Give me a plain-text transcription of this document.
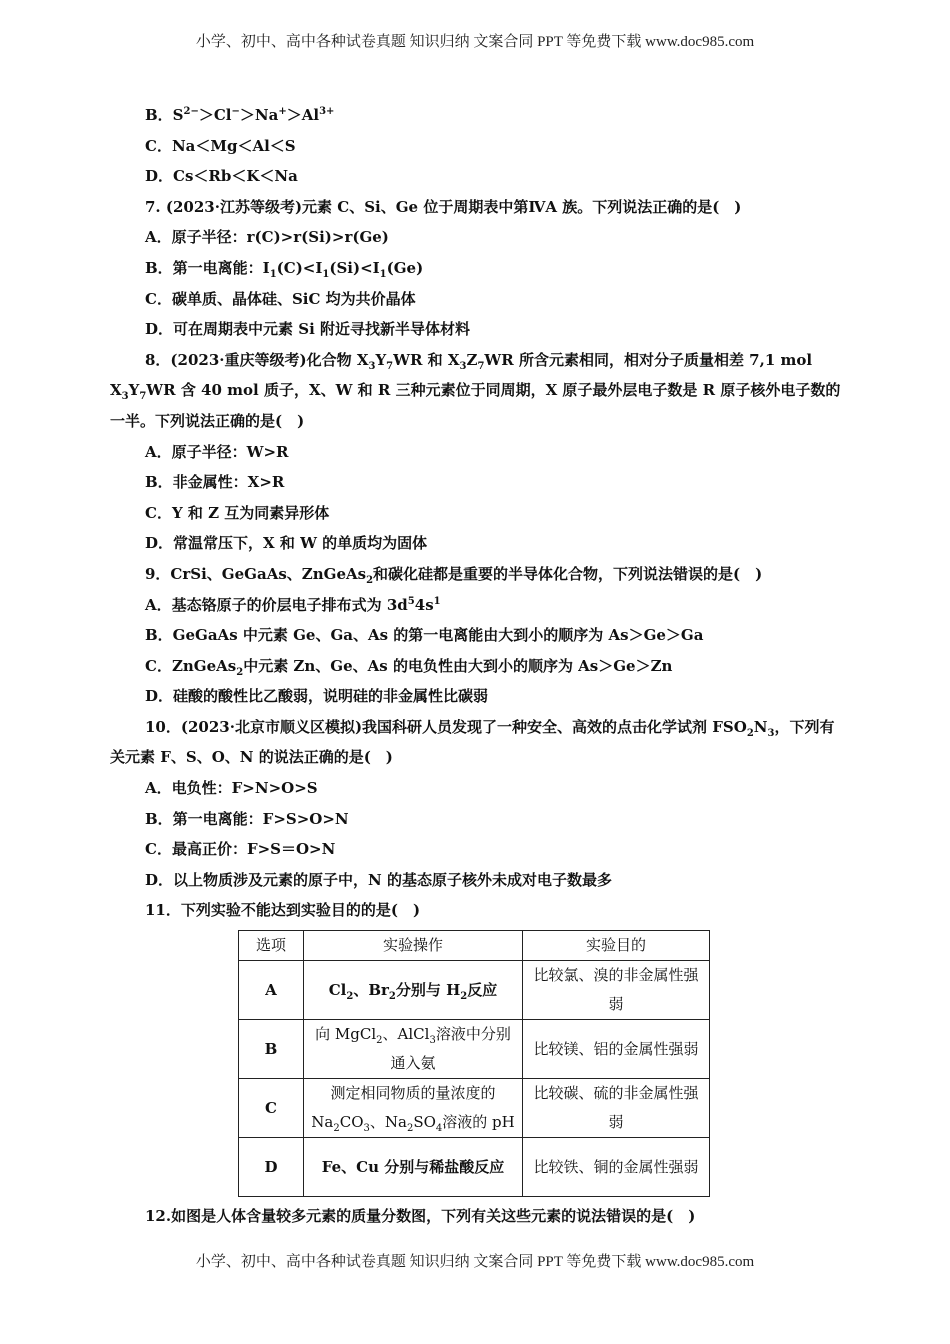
小学、初中、高中各种试卷真题 知识归纳 文案合同 PPT 等免费下载 www.doc985.com
B．$S^{2-}>Cl^->Na^+>Al^{3+}$
C．Na＜Mg＜Al＜S
D．Cs＜Rb＜K＜Na
7. (2023·江苏等级考)元素 C、Si、Ge 位于周期表中第ⅣA 族。下列说法正确的是(　)
A．原子半径：r(C)>r(Si)>r(Ge)
B．第一电离能：$I_1(C)<I_1(Si)<I_1(Ge)$
C．碳单质、晶体硅、SiC 均为共价晶体
D．可在周期表中元素 Si 附近寻找新半导体材料
8．(2023·重庆等级考)化合物 $X_3Y_7WR$ 和 $X_3Z_7WR$ 所含元素相同，相对分子质量相差 7,1 mol $X_3Y_7WR$ 含 40 mol 质子，X、W 和 R 三种元素位于同周期，X 原子最外层电子数是 R 原子核外电子数的一半。下列说法正确的是(　)
A．原子半径：W>R
B．非金属性：X>R
C．Y 和 Z 互为同素异形体
D．常温常压下，X 和 W 的单质均为固体
9．CrSi、GeGaAs、ZnGeAs$_2$和碳化硅都是重要的半导体化合物，下列说法错误的是(　)
A．基态铬原子的价层电子排布式为 $3d^54s^1$
B．GeGaAs 中元素 Ge、Ga、As 的第一电离能由大到小的顺序为 As＞Ge＞Ga
C．ZnGeAs$_2$中元素 Zn、Ge、As 的电负性由大到小的顺序为 As＞Ge＞Zn
D．硅酸的酸性比乙酸弱，说明硅的非金属性比碳弱
10．(2023·北京市顺义区模拟)我国科研人员发现了一种安全、高效的点击化学试剂 $FSO_2N_3$，下列有关元素 F、S、O、N 的说法正确的是(　)
A．电负性：F>N>O>S
B．第一电离能：F>S>O>N
C．最高正价：F>S＝O>N
D．以上物质涉及元素的原子中，N 的基态原子核外未成对电子数最多
11．下列实验不能达到实验目的的是(　)
选项	实验操作	实验目的
A	$Cl_2$、$Br_2$分别与 $H_2$反应	比较氯、溴的非金属性强弱
B	向 MgCl$_2$、AlCl$_3$溶液中分别通入氨	比较镁、铝的金属性强弱
C	测定相同物质的量浓度的 $Na_2CO_3$、$Na_2SO_4$溶液的 pH	比较碳、硫的非金属性强弱
D	Fe、Cu 分别与稀盐酸反应	比较铁、铜的金属性强弱
12.如图是人体含量较多元素的质量分数图，下列有关这些元素的说法错误的是(　)
小学、初中、高中各种试卷真题 知识归纳 文案合同 PPT 等免费下载 www.doc985.com
